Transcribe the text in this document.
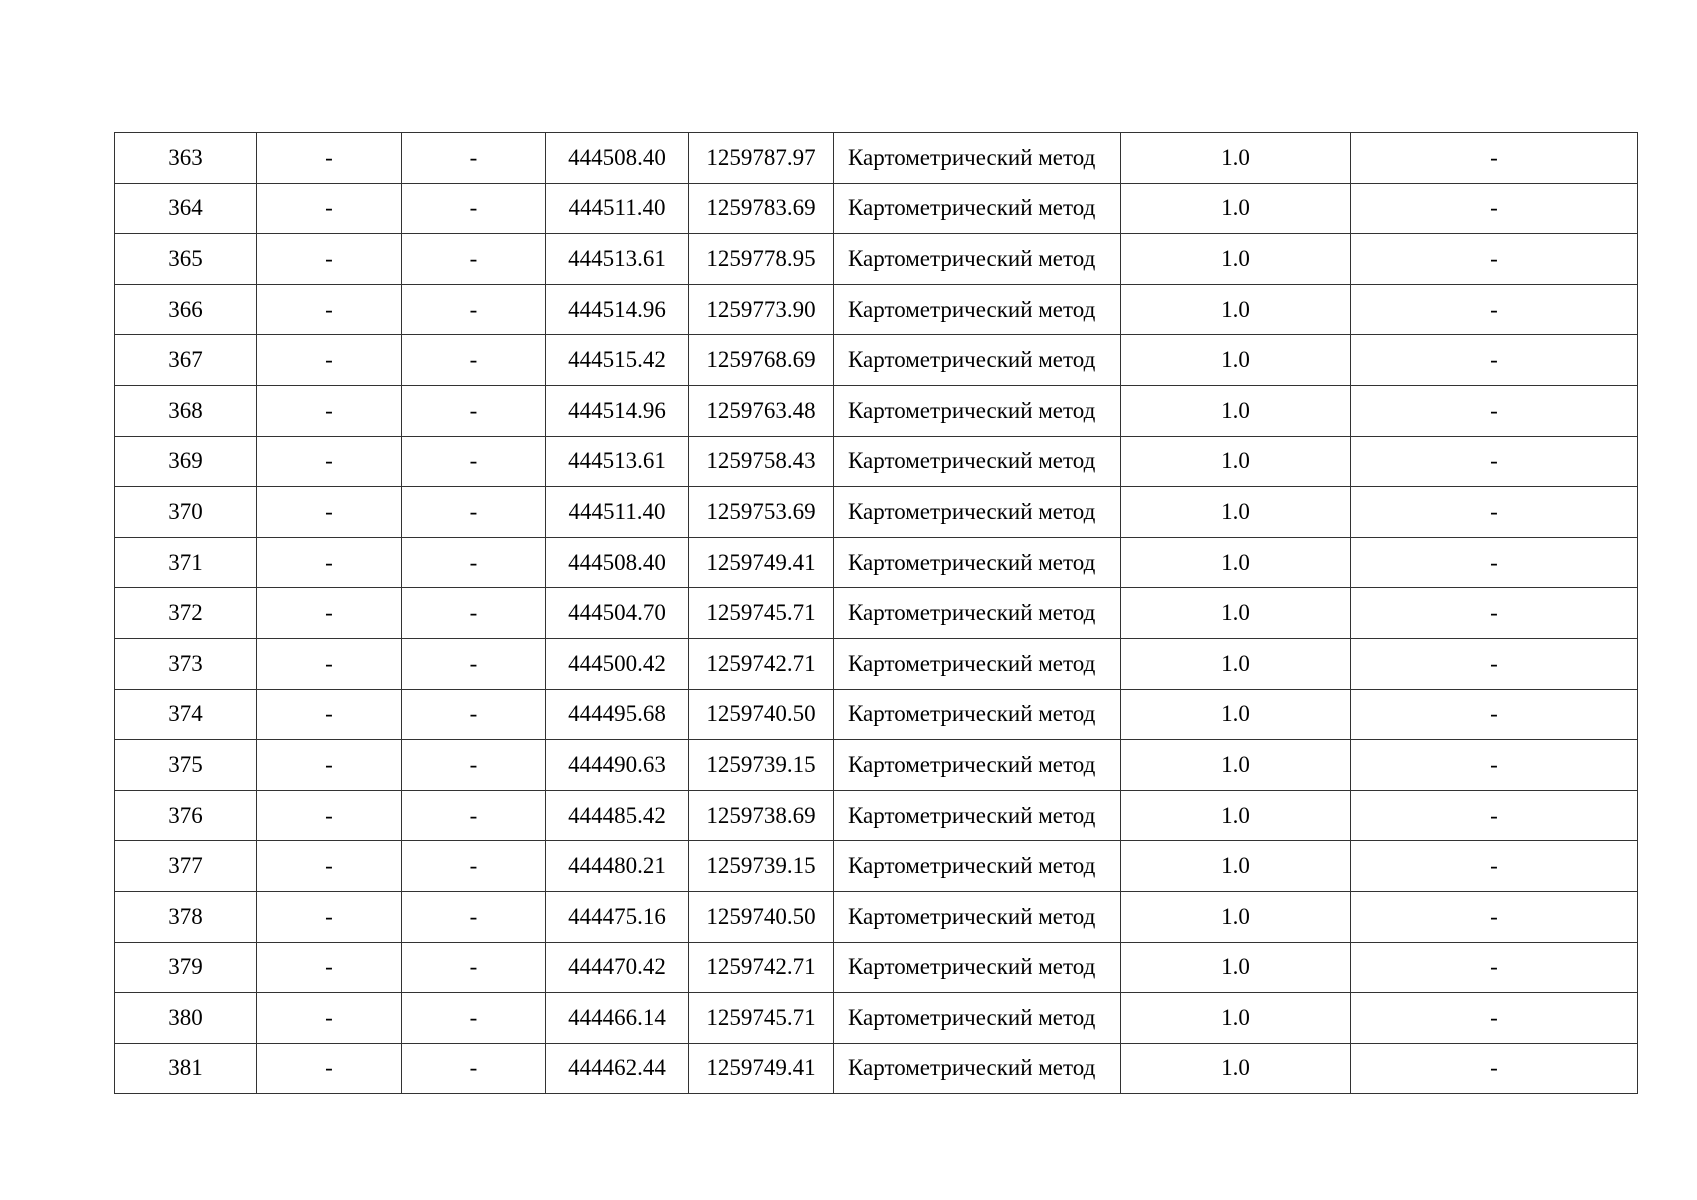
363	-	-	444508.40	1259787.97	Картометрический метод	1.0	-
364	-	-	444511.40	1259783.69	Картометрический метод	1.0	-
365	-	-	444513.61	1259778.95	Картометрический метод	1.0	-
366	-	-	444514.96	1259773.90	Картометрический метод	1.0	-
367	-	-	444515.42	1259768.69	Картометрический метод	1.0	-
368	-	-	444514.96	1259763.48	Картометрический метод	1.0	-
369	-	-	444513.61	1259758.43	Картометрический метод	1.0	-
370	-	-	444511.40	1259753.69	Картометрический метод	1.0	-
371	-	-	444508.40	1259749.41	Картометрический метод	1.0	-
372	-	-	444504.70	1259745.71	Картометрический метод	1.0	-
373	-	-	444500.42	1259742.71	Картометрический метод	1.0	-
374	-	-	444495.68	1259740.50	Картометрический метод	1.0	-
375	-	-	444490.63	1259739.15	Картометрический метод	1.0	-
376	-	-	444485.42	1259738.69	Картометрический метод	1.0	-
377	-	-	444480.21	1259739.15	Картометрический метод	1.0	-
378	-	-	444475.16	1259740.50	Картометрический метод	1.0	-
379	-	-	444470.42	1259742.71	Картометрический метод	1.0	-
380	-	-	444466.14	1259745.71	Картометрический метод	1.0	-
381	-	-	444462.44	1259749.41	Картометрический метод	1.0	-
